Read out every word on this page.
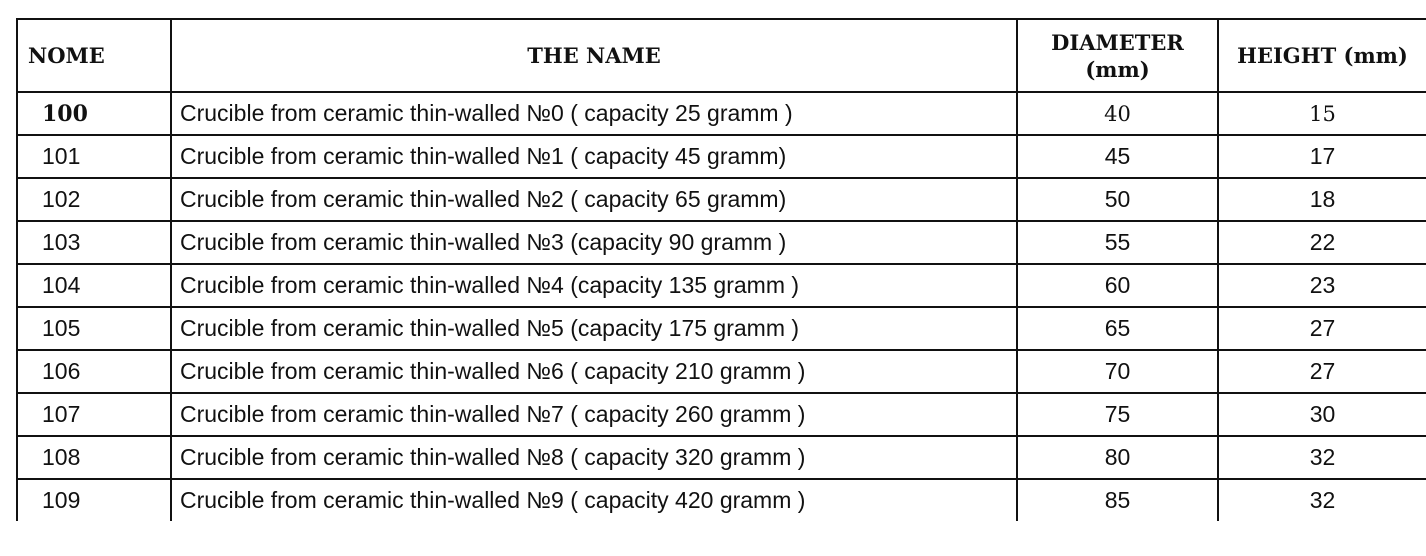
NOME		THE NAME	DIAMETER (mm)	HEIGHT (mm)
100		Crucible from ceramic thin-walled №0 ( capacity 25 gramm )	40	15
101		Crucible from ceramic thin-walled №1 ( capacity 45 gramm)	45	17
102		Crucible from ceramic thin-walled №2 ( capacity 65 gramm)	50	18
103		Crucible from ceramic thin-walled №3 (capacity 90 gramm )	55	22
104		Crucible from ceramic thin-walled №4 (capacity 135 gramm )	60	23
105		Crucible from ceramic thin-walled №5 (capacity 175 gramm )	65	27
106		Crucible from ceramic thin-walled №6 ( capacity 210 gramm )	70	27
107		Crucible from ceramic thin-walled №7 ( capacity 260 gramm )	75	30
108		Crucible from ceramic thin-walled №8 ( capacity 320 gramm )	80	32
109		Crucible from ceramic thin-walled №9 ( capacity 420 gramm )	85	32
